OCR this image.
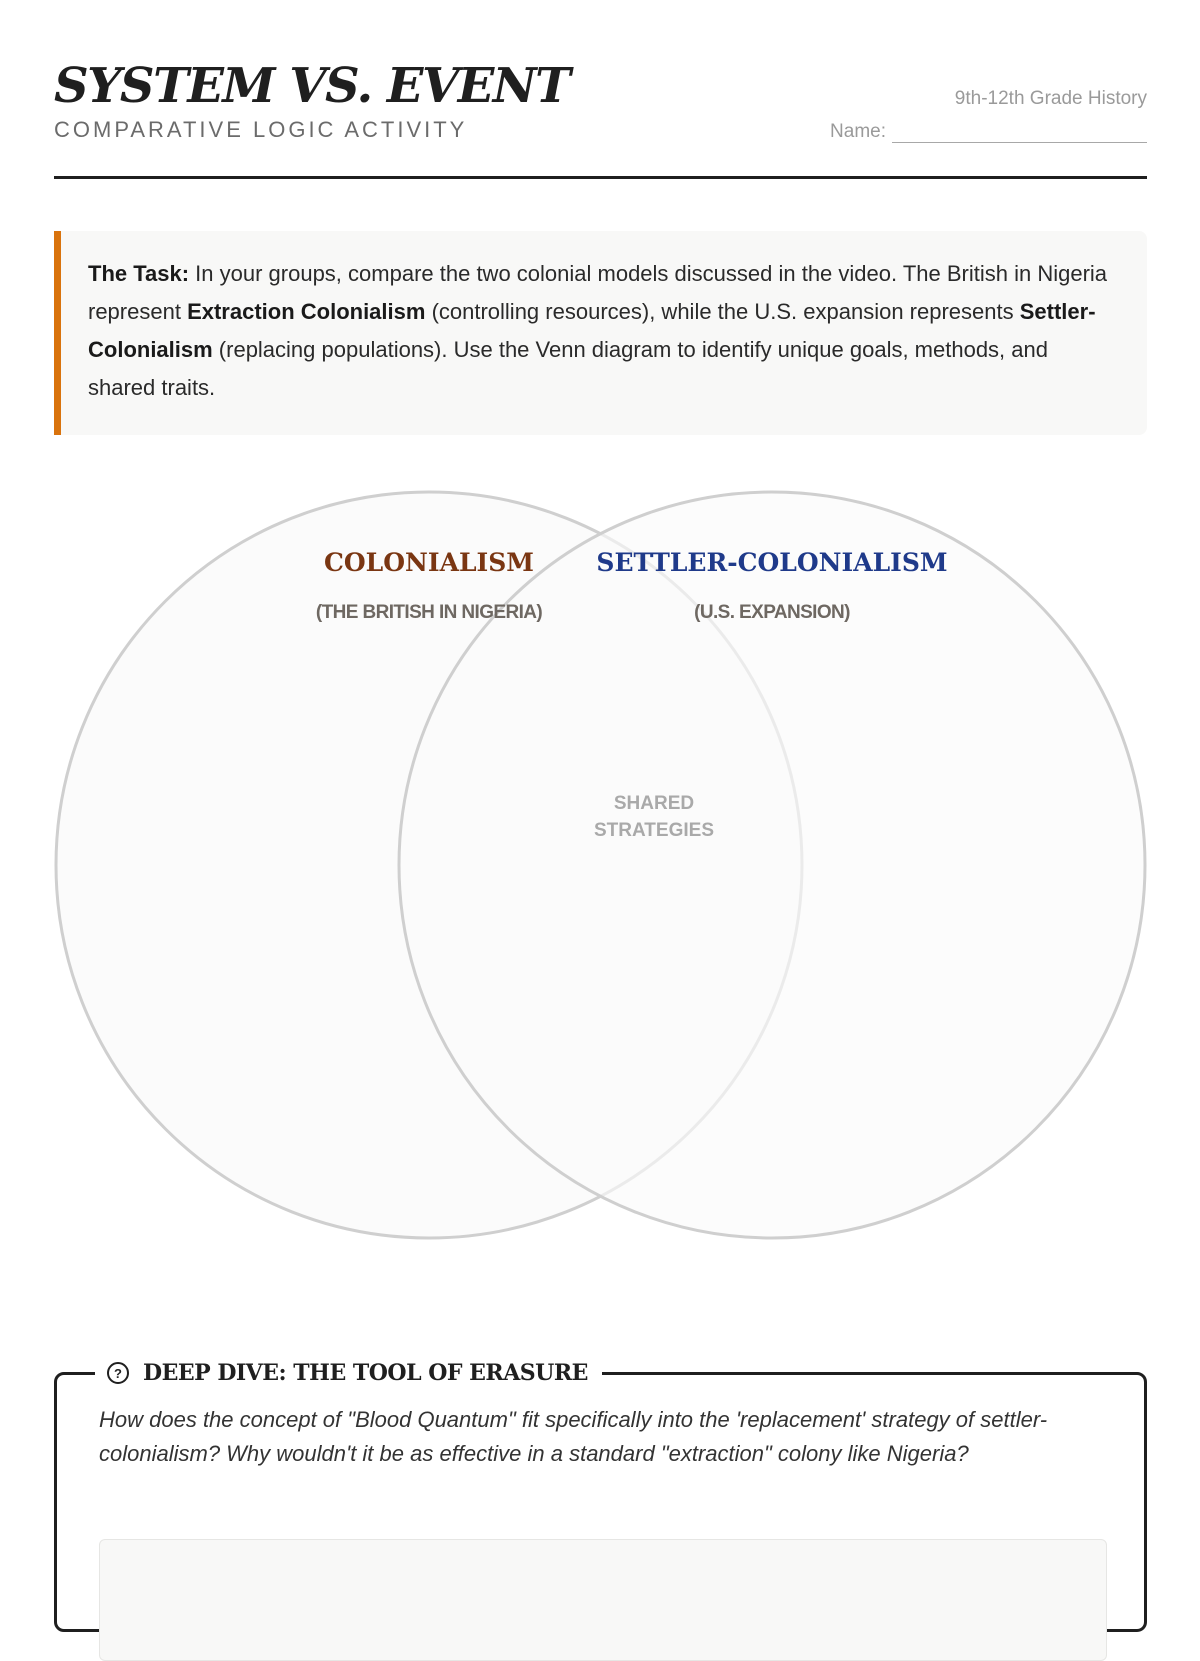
SYSTEM VS. EVENT
COMPARATIVE LOGIC ACTIVITY
9th-12th Grade History
Name:
The Task: In your groups, compare the two colonial models discussed in the video. The British in Nigeria represent Extraction Colonialism (controlling resources), while the U.S. expansion represents Settler-Colonialism (replacing populations). Use the Venn diagram to identify unique goals, methods, and shared traits.
COLONIALISM
(THE BRITISH IN NIGERIA)
SETTLER-COLONIALISM
(U.S. EXPANSION)
SHARED
STRATEGIES
? DEEP DIVE: THE TOOL OF ERASURE
How does the concept of "Blood Quantum" fit specifically into the 'replacement' strategy of settler-colonialism? Why wouldn't it be as effective in a standard "extraction" colony like Nigeria?
